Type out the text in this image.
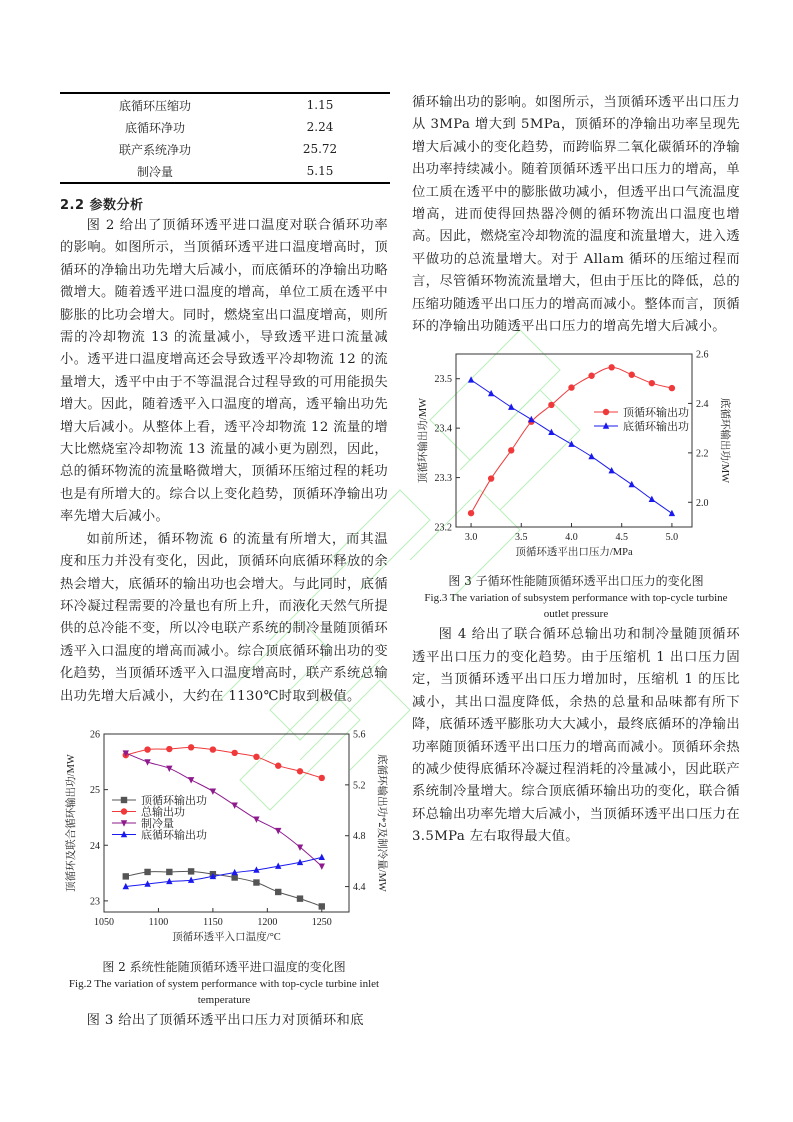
底循环压缩功	1.15
底循环净功	2.24
联产系统净功	25.72
制冷量	5.15
2.2 参数分析

图 2 给出了顶循环透平进口温度对联合循环功率的影响。如图所示，当顶循环透平进口温度增高时，顶循环的净输出功先增大后减小，而底循环的净输出功略微增大。随着透平进口温度的增高，单位工质在透平中膨胀的比功会增大。同时，燃烧室出口温度增高，则所需的冷却物流 13 的流量减小，导致透平进口流量减小。透平进口温度增高还会导致透平冷却物流 12 的流量增大，透平中由于不等温混合过程导致的可用能损失增大。因此，随着透平入口温度的增高，透平输出功先增大后减小。从整体上看，透平冷却物流 12 流量的增大比燃烧室冷却物流 13 流量的减小更为剧烈，因此，总的循环物流的流量略微增大，顶循环压缩过程的耗功也是有所增大的。综合以上变化趋势，顶循环净输出功率先增大后减小。

如前所述，循环物流 6 的流量有所增大，而其温度和压力并没有变化，因此，顶循环向底循环释放的余热会增大，底循环的输出功也会增大。与此同时，底循环冷凝过程需要的冷量也有所上升，而液化天然气所提供的总冷能不变，所以冷电联产系统的制冷量随顶循环透平入口温度的增高而减小。综合顶底循环输出功的变化趋势，当顶循环透平入口温度增高时，联产系统总输出功先增大后减小，大约在 1130℃时取到极值。

1050	1100	1150	1200	1250
23
24
25
26
4.4
4.8
5.2
5.6
顶循环透平入口温度/°C
顶循环及联合循环输出功/MW	底循环输出功*2及制冷量/MW
顶循环输出功
总输出功
制冷量
底循环输出功
图 2 系统性能随顶循环透平进口温度的变化图
Fig.2 The variation of system performance with top-cycle turbine inlet temperature

图 3 给出了顶循环透平出口压力对顶循环和底

循环输出功的影响。如图所示，当顶循环透平出口压力从 3MPa 增大到 5MPa，顶循环的净输出功率呈现先增大后减小的变化趋势，而跨临界二氧化碳循环的净输出功率持续减小。随着顶循环透平出口压力的增高，单位工质在透平中的膨胀做功减小，但透平出口气流温度增高，进而使得回热器冷侧的循环物流出口温度也增高。因此，燃烧室冷却物流的温度和流量增大，进入透平做功的总流量增大。对于 Allam 循环的压缩过程而言，尽管循环物流流量增大，但由于压比的降低，总的压缩功随透平出口压力的增高而减小。整体而言，顶循环的净输出功随透平出口压力的增高先增大后减小。

3.0	3.5	4.0	4.5	5.0
23.2
23.3
23.4
23.5
2.0
2.2
2.4
2.6
顶循环透平出口压力/MPa
顶循环输出功/MW	底循环输出功/MW
顶循环输出功
底循环输出功
图 3 子循环性能随顶循环透平出口压力的变化图
Fig.3 The variation of subsystem performance with top-cycle turbine outlet pressure

图 4 给出了联合循环总输出功和制冷量随顶循环透平出口压力的变化趋势。由于压缩机 1 出口压力固定，当顶循环透平出口压力增加时，压缩机 1 的压比减小，其出口温度降低，余热的总量和品味都有所下降，底循环透平膨胀功大大减小，最终底循环的净输出功率随顶循环透平出口压力的增高而减小。顶循环余热的减少使得底循环冷凝过程消耗的冷量减小，因此联产系统制冷量增大。综合顶底循环输出功的变化，联合循环总输出功率先增大后减小，当顶循环透平出口压力在 3.5MPa 左右取得最大值。
